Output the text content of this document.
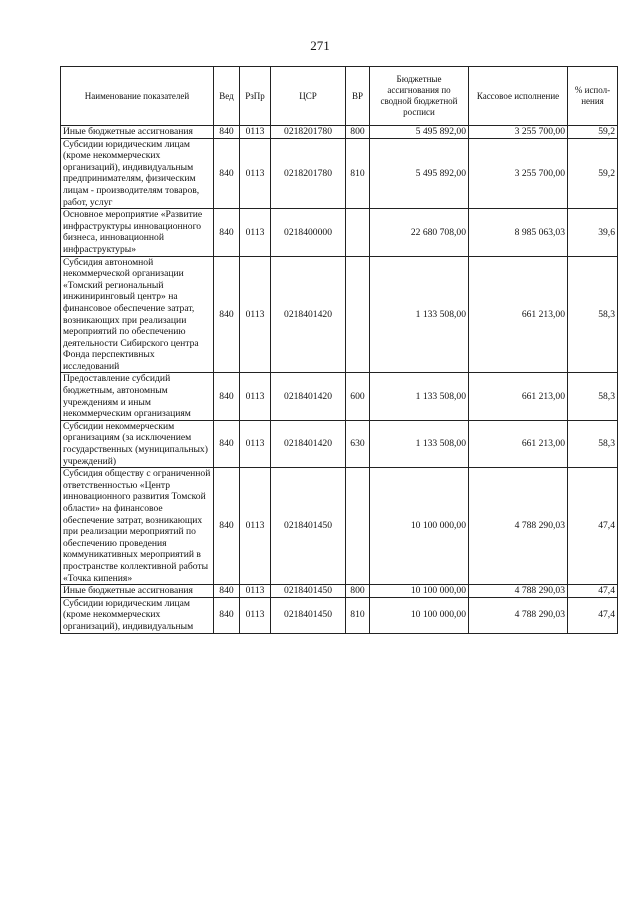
271
Наименование показателей	Вед	РзПр	ЦСР	ВР	Бюджетные ассигнования по сводной бюджетной росписи	Кассовое исполнение	% испол-нения
Иные бюджетные ассигнования	840	0113	0218201780	800	5 495 892,00	3 255 700,00	59,2
Субсидии юридическим лицам (кроме некоммерческих организаций), индивидуальным предпринимателям, физическим лицам - производителям товаров, работ, услуг	840	0113	0218201780	810	5 495 892,00	3 255 700,00	59,2
Основное мероприятие «Развитие инфраструктуры инновационного бизнеса, инновационной инфраструктуры»	840	0113	0218400000		22 680 708,00	8 985 063,03	39,6
Субсидия автономной некоммерческой организации «Томский региональный инжиниринговый центр» на финансовое обеспечение затрат, возникающих при реализации мероприятий по обеспечению деятельности Сибирского центра Фонда перспективных исследований	840	0113	0218401420		1 133 508,00	661 213,00	58,3
Предоставление субсидий бюджетным, автономным учреждениям и иным некоммерческим организациям	840	0113	0218401420	600	1 133 508,00	661 213,00	58,3
Субсидии некоммерческим организациям (за исключением государственных (муниципальных) учреждений)	840	0113	0218401420	630	1 133 508,00	661 213,00	58,3
Субсидия обществу с ограниченной ответственностью «Центр инновационного развития Томской области» на финансовое обеспечение затрат, возникающих при реализации мероприятий по обеспечению проведения коммуникативных мероприятий в пространстве коллективной работы «Точка кипения»	840	0113	0218401450		10 100 000,00	4 788 290,03	47,4
Иные бюджетные ассигнования	840	0113	0218401450	800	10 100 000,00	4 788 290,03	47,4
Субсидии юридическим лицам (кроме некоммерческих организаций), индивидуальным	840	0113	0218401450	810	10 100 000,00	4 788 290,03	47,4
